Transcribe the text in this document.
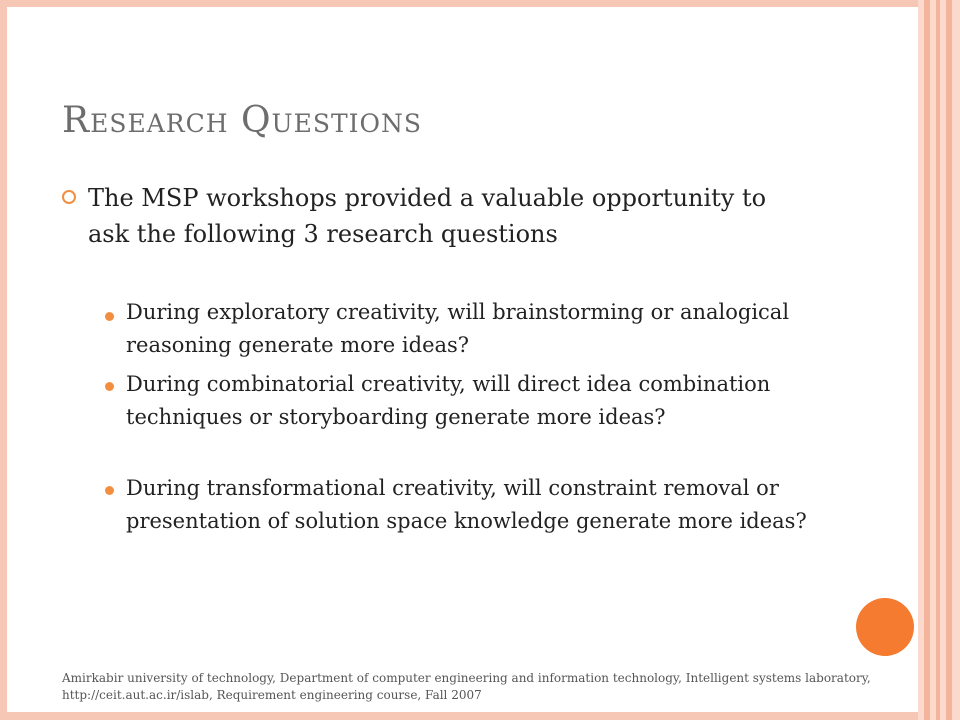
Research Questions
The MSP workshops provided a valuable opportunity to ask the following 3 research questions
During exploratory creativity, will brainstorming or analogical reasoning generate more ideas?
During combinatorial creativity, will direct idea combination techniques or storyboarding generate more ideas?
During transformational creativity, will constraint removal or presentation of solution space knowledge generate more ideas?
Amirkabir university of technology, Department of computer engineering and information technology, Intelligent systems laboratory, http://ceit.aut.ac.ir/islab, Requirement engineering course, Fall 2007
